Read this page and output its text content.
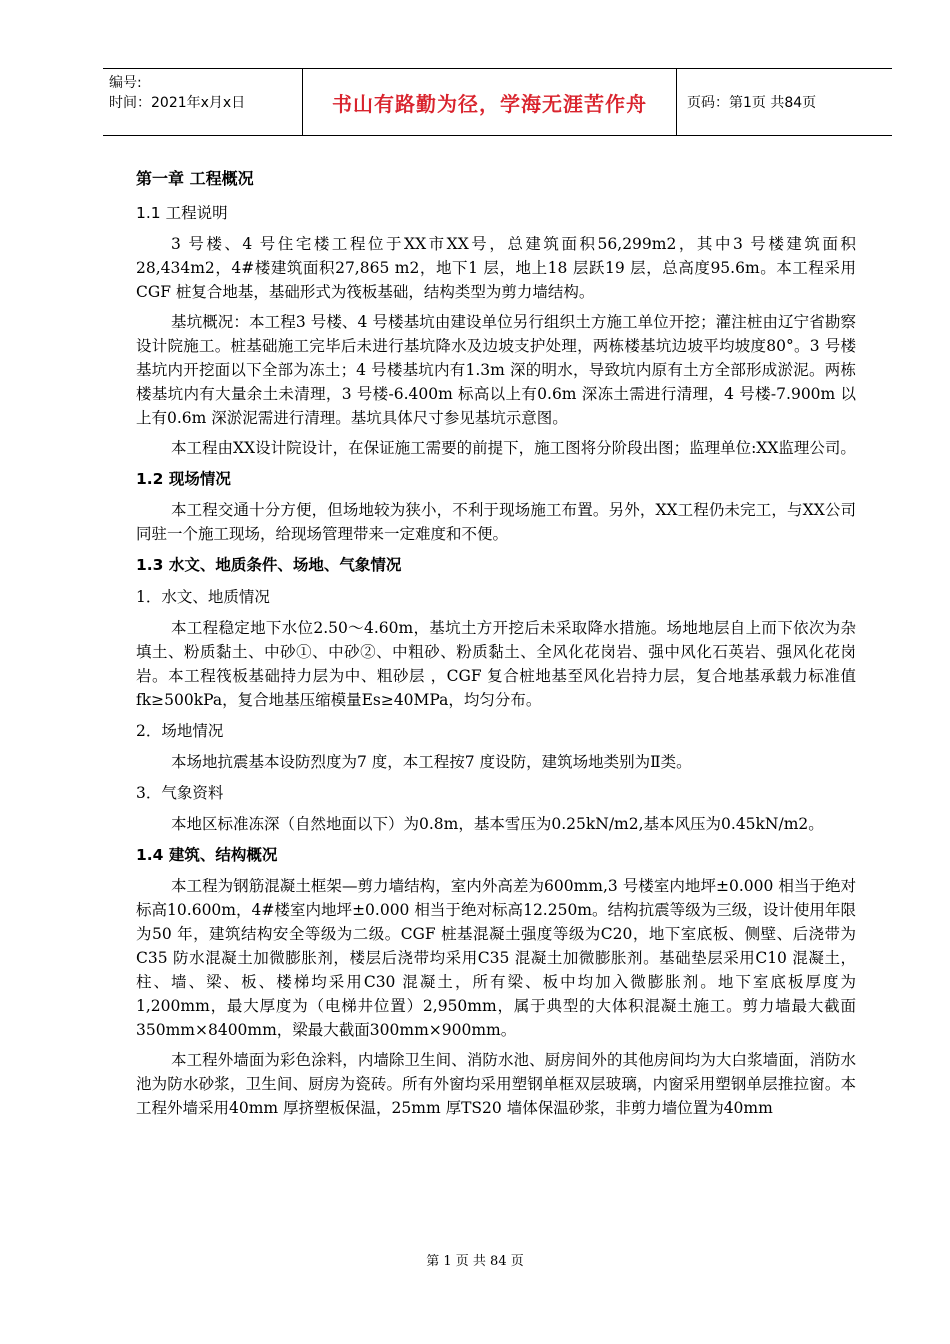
编号:
时间：2021年x月x日	书山有路勤为径，学海无涯苦作舟	页码：第1页 共84页
第一章 工程概况
1.1 工程说明
3 号楼、4 号住宅楼工程位于XX市XX号，总建筑面积56,299m2，其中3 号楼建筑面积28,434m2，4#楼建筑面积27,865 m2，地下1 层，地上18 层跃19 层，总高度95.6m。本工程采用CGF 桩复合地基，基础形式为筏板基础，结构类型为剪力墙结构。
基坑概况：本工程3 号楼、4 号楼基坑由建设单位另行组织土方施工单位开挖；灌注桩由辽宁省勘察设计院施工。桩基础施工完毕后未进行基坑降水及边坡支护处理，两栋楼基坑边坡平均坡度80°。3 号楼基坑内开挖面以下全部为冻土；4 号楼基坑内有1.3m 深的明水，导致坑内原有土方全部形成淤泥。两栋楼基坑内有大量余土未清理，3 号楼-6.400m 标高以上有0.6m 深冻土需进行清理，4 号楼-7.900m 以上有0.6m 深淤泥需进行清理。基坑具体尺寸参见基坑示意图。
本工程由XX设计院设计，在保证施工需要的前提下，施工图将分阶段出图；监理单位:XX监理公司。
1.2 现场情况
本工程交通十分方便，但场地较为狭小，不利于现场施工布置。另外，XX工程仍未完工，与XX公司同驻一个施工现场，给现场管理带来一定难度和不便。
1.3 水文、地质条件、场地、气象情况
1．水文、地质情况
本工程稳定地下水位2.50～4.60m，基坑土方开挖后未采取降水措施。场地地层自上而下依次为杂填土、粉质黏土、中砂①、中砂②、中粗砂、粉质黏土、全风化花岗岩、强中风化石英岩、强风化花岗岩。本工程筏板基础持力层为中、粗砂层 ，CGF 复合桩地基至风化岩持力层，复合地基承载力标准值fk≥500kPa，复合地基压缩模量Es≥40MPa，均匀分布。
2．场地情况
本场地抗震基本设防烈度为7 度，本工程按7 度设防，建筑场地类别为Ⅱ类。
3．气象资料
本地区标准冻深（自然地面以下）为0.8m，基本雪压为0.25kN/m2,基本风压为0.45kN/m2。
1.4 建筑、结构概况
本工程为钢筋混凝土框架—剪力墙结构，室内外高差为600mm,3 号楼室内地坪±0.000 相当于绝对标高10.600m，4#楼室内地坪±0.000 相当于绝对标高12.250m。结构抗震等级为三级，设计使用年限为50 年，建筑结构安全等级为二级。CGF 桩基混凝土强度等级为C20，地下室底板、侧壁、后浇带为C35 防水混凝土加微膨胀剂，楼层后浇带均采用C35 混凝土加微膨胀剂。基础垫层采用C10 混凝土，柱、墙、梁、板、楼梯均采用C30 混凝土，所有梁、板中均加入微膨胀剂。地下室底板厚度为1,200mm，最大厚度为（电梯井位置）2,950mm，属于典型的大体积混凝土施工。剪力墙最大截面350mm×8400mm，梁最大截面300mm×900mm。
本工程外墙面为彩色涂料，内墙除卫生间、消防水池、厨房间外的其他房间均为大白浆墙面，消防水池为防水砂浆，卫生间、厨房为瓷砖。所有外窗均采用塑钢单框双层玻璃，内窗采用塑钢单层推拉窗。本工程外墙采用40mm 厚挤塑板保温，25mm 厚TS20 墙体保温砂浆，非剪力墙位置为40mm
第 1 页 共 84 页
